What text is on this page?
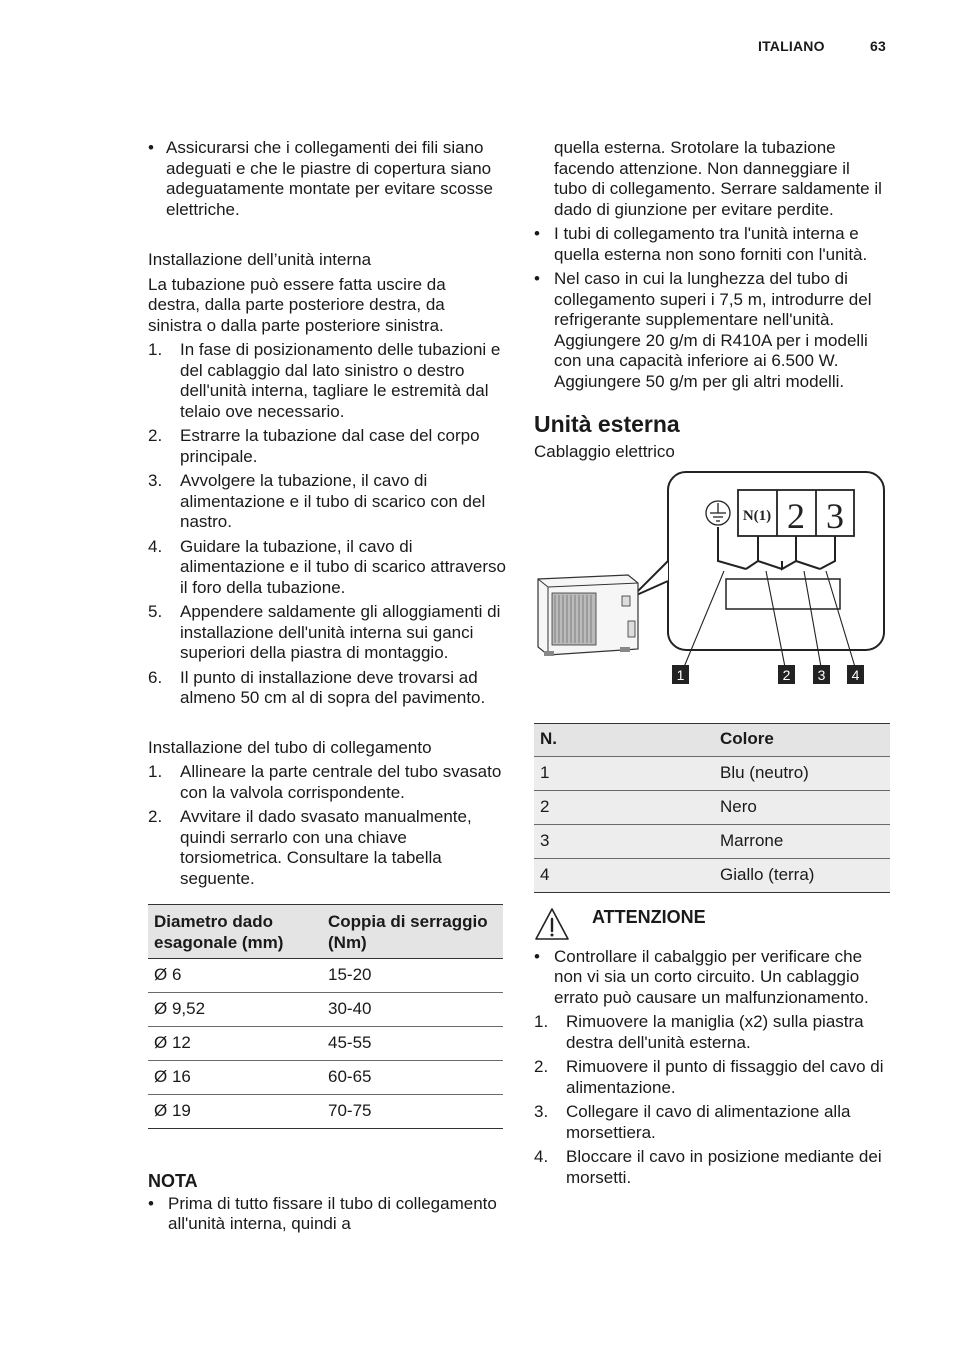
ITALIANO	63

• Assicurarsi che i collegamenti dei fili siano adeguati e che le piastre di copertura siano adeguatamente montate per evitare scosse elettriche.

Installazione dell’unità interna

La tubazione può essere fatta uscire da destra, dalla parte posteriore destra, da sinistra o dalla parte posteriore sinistra.

1. In fase di posizionamento delle tubazioni e del cablaggio dal lato sinistro o destro dell'unità interna, tagliare le estremità dal telaio ove necessario.
2. Estrarre la tubazione dal case del corpo principale.
3. Avvolgere la tubazione, il cavo di alimentazione e il tubo di scarico con del nastro.
4. Guidare la tubazione, il cavo di alimentazione e il tubo di scarico attraverso il foro della tubazione.
5. Appendere saldamente gli alloggiamenti di installazione dell'unità interna sui ganci superiori della piastra di montaggio.
6. Il punto di installazione deve trovarsi ad almeno 50 cm al di sopra del pavimento.

Installazione del tubo di collegamento

1. Allineare la parte centrale del tubo svasato con la valvola corrispondente.
2. Avvitare il dado svasato manualmente, quindi serrarlo con una chiave torsiometrica. Consultare la tabella seguente.
Diametro dado esagonale (mm)	Coppia di serraggio (Nm)
Ø 6	15-20
Ø 9,52	30-40
Ø 12	45-55
Ø 16	60-65
Ø 19	70-75

NOTA

• Prima di tutto fissare il tubo di collegamento all'unità interna, quindi a

quella esterna. Srotolare la tubazione facendo attenzione. Non danneggiare il tubo di collegamento. Serrare saldamente il dado di giunzione per evitare perdite.

• I tubi di collegamento tra l'unità interna e quella esterna non sono forniti con l'unità.

• Nel caso in cui la lunghezza del tubo di collegamento superi i 7,5 m, introdurre del refrigerante supplementare nell'unità. Aggiungere 20 g/m di R410A per i modelli con una capacità inferiore ai 6.500 W. Aggiungere 50 g/m per gli altri modelli.

Unità esterna

Cablaggio elettrico

N(1) 2 3
1	2 3 4
N.	Colore
1	Blu (neutro)
2	Nero
3	Marrone
4	Giallo (terra)
ATTENZIONE

• Controllare il cabalggio per verificare che non vi sia un corto circuito. Un cablaggio errato può causare un malfunzionamento.

1. Rimuovere la maniglia (x2) sulla piastra destra dell'unità esterna.
2. Rimuovere il punto di fissaggio del cavo di alimentazione.
3. Collegare il cavo di alimentazione alla morsettiera.
4. Bloccare il cavo in posizione mediante dei morsetti.
